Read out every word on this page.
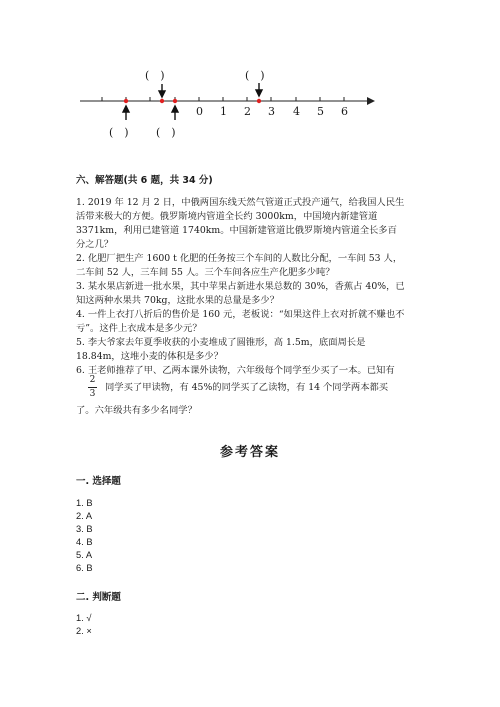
(　)	(　)
0 1 2 3 4 5 6
(　) (　)
六、解答题(共 6 题，共 34 分)

1. 2019 年 12 月 2 日，中俄两国东线天然气管道正式投产通气，给我国人民生活带来极大的方便。俄罗斯境内管道全长约 3000km，中国境内新建管道 3371km，利用已建管道 1740km。中国新建管道比俄罗斯境内管道全长多百分之几？

2. 化肥厂把生产 1600 t 化肥的任务按三个车间的人数比分配，一车间 53 人，二车间 52 人，三车间 55 人。三个车间各应生产化肥多少吨？

3. 某水果店新进一批水果，其中苹果占新进水果总数的 30%，香蕉占 40%，已知这两种水果共 70kg，这批水果的总量是多少？

4. 一件上衣打八折后的售价是 160 元，老板说：“如果这件上衣对折就不赚也不亏”。这件上衣成本是多少元？

5. 李大爷家去年夏季收获的小麦堆成了圆锥形，高 1.5m，底面周长是 18.84m，这堆小麦的体积是多少？

6. 王老师推荐了甲、乙两本课外读物，六年级每个同学至少买了一本。已知有

$\frac{2}{3}$ 同学买了甲读物，有 45%的同学买了乙读物，有 14 个同学两本都买
了。六年级共有多少名同学？
参考答案
一. 选择题
1. B
2. A
3. B
4. B
5. A
6. B
二. 判断题
1. √
2. ×
